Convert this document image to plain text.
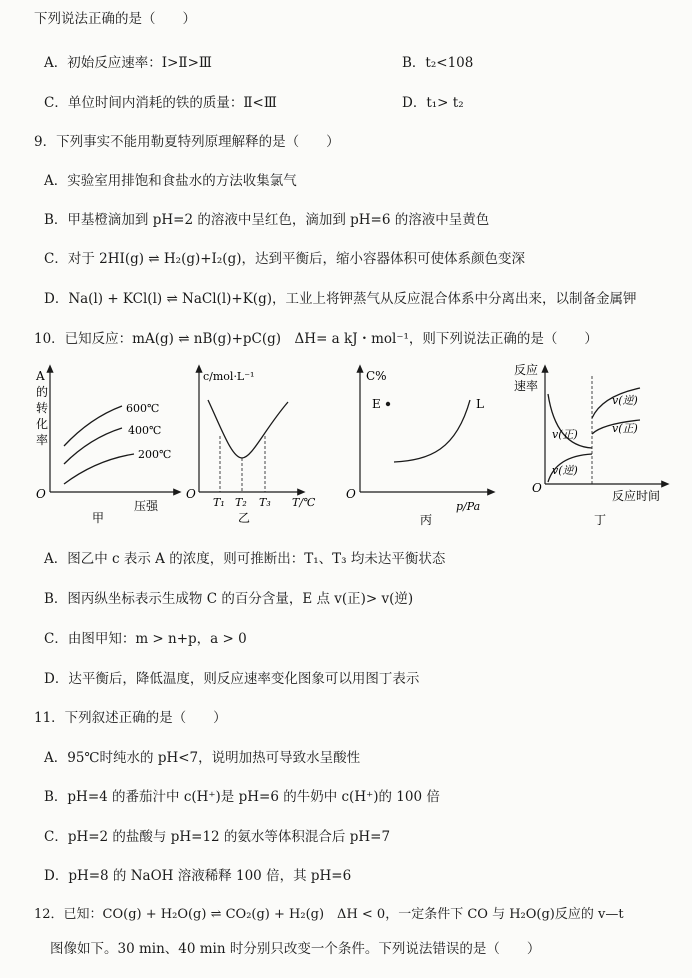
下列说法正确的是（　　）
A．初始反应速率：Ⅰ>Ⅱ>Ⅲ	B．t₂<108
C．单位时间内消耗的铁的质量：Ⅱ<Ⅲ	D．t₁> t₂
9．下列事实不能用勒夏特列原理解释的是（　　）
A．实验室用排饱和食盐水的方法收集氯气
B．甲基橙滴加到 pH=2 的溶液中呈红色，滴加到 pH=6 的溶液中呈黄色
C．对于 2HI(g) ⇌ H₂(g)+I₂(g)，达到平衡后，缩小容器体积可使体系颜色变深
D．Na(l) + KCl(l) ⇌ NaCl(l)+K(g)，工业上将钾蒸气从反应混合体系中分离出来，以制备金属钾
10．已知反应：mA(g) ⇌ nB(g)+pC(g)　ΔH= a kJ・mol⁻¹，则下列说法正确的是（　　）
A
的
转
化
率
O
600℃
400℃
200℃
压强
甲
c/mol·L⁻¹
O
T₁ T₂ T₃ T/℃
乙
C%
E	L
O
p/Pa
丙
反应
速率
v(逆)
v(正)
v(正)
v(逆)
O
反应时间
丁
A．图乙中 c 表示 A 的浓度，则可推断出：T₁、T₃ 均未达平衡状态
B．图丙纵坐标表示生成物 C 的百分含量，E 点 v(正)> v(逆)
C．由图甲知：m > n+p，a > 0
D．达平衡后，降低温度，则反应速率变化图象可以用图丁表示
11．下列叙述正确的是（　　）
A．95℃时纯水的 pH<7，说明加热可导致水呈酸性
B．pH=4 的番茄汁中 c(H⁺)是 pH=6 的牛奶中 c(H⁺)的 100 倍
C．pH=2 的盐酸与 pH=12 的氨水等体积混合后 pH=7
D．pH=8 的 NaOH 溶液稀释 100 倍，其 pH=6
12．已知：CO(g) + H₂O(g) ⇌ CO₂(g) + H₂(g)　ΔH < 0，一定条件下 CO 与 H₂O(g)反应的 v—t
图像如下。30 min、40 min 时分别只改变一个条件。下列说法错误的是（　　）
